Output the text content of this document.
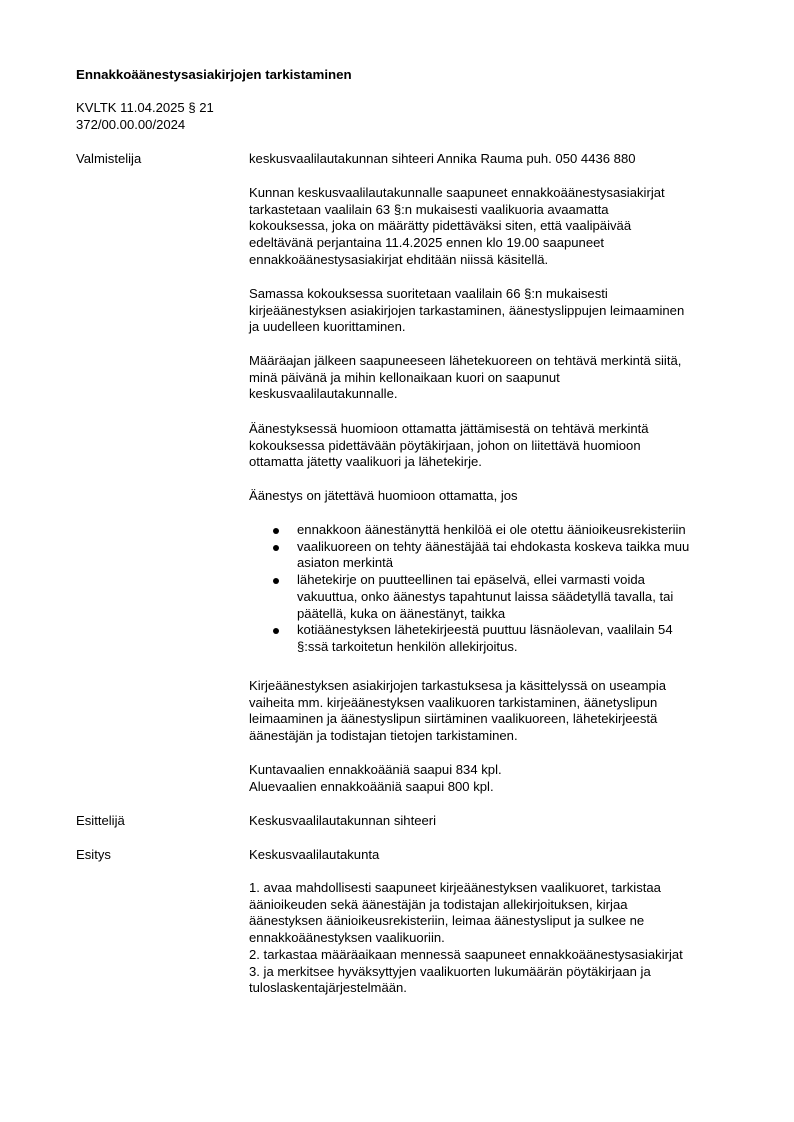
Ennakkoäänestysasiakirjojen tarkistaminen
KVLTK 11.04.2025 § 21
372/00.00.00/2024
Valmistelija	keskusvaalilautakunnan sihteeri Annika Rauma puh. 050 4436 880
Kunnan keskusvaalilautakunnalle saapuneet ennakkoäänestysasiakirjat
tarkastetaan vaalilain 63 §:n mukaisesti vaalikuoria avaamatta
kokouksessa, joka on määrätty pidettäväksi siten, että vaalipäivää
edeltävänä perjantaina 11.4.2025 ennen klo 19.00 saapuneet
ennakkoäänestysasiakirjat ehditään niissä käsitellä.
Samassa kokouksessa suoritetaan vaalilain 66 §:n mukaisesti
kirjeäänestyksen asiakirjojen tarkastaminen, äänestyslippujen leimaaminen
ja uudelleen kuorittaminen.
Määräajan jälkeen saapuneeseen lähetekuoreen on tehtävä merkintä siitä,
minä päivänä ja mihin kellonaikaan kuori on saapunut
keskusvaalilautakunnalle.
Äänestyksessä huomioon ottamatta jättämisestä on tehtävä merkintä
kokouksessa pidettävään pöytäkirjaan, johon on liitettävä huomioon
ottamatta jätetty vaalikuori ja lähetekirje.
Äänestys on jätettävä huomioon ottamatta, jos
ennakkoon äänestänyttä henkilöä ei ole otettu äänioikeusrekisteriin
vaalikuoreen on tehty äänestäjää tai ehdokasta koskeva taikka muu
asiaton merkintä
lähetekirje on puutteellinen tai epäselvä, ellei varmasti voida
vakuuttua, onko äänestys tapahtunut laissa säädetyllä tavalla, tai
päätellä, kuka on äänestänyt, taikka
kotiäänestyksen lähetekirjeestä puuttuu läsnäolevan, vaalilain 54
§:ssä tarkoitetun henkilön allekirjoitus.
Kirjeäänestyksen asiakirjojen tarkastuksesa ja käsittelyssä on useampia
vaiheita mm. kirjeäänestyksen vaalikuoren tarkistaminen, äänetyslipun
leimaaminen ja äänestyslipun siirtäminen vaalikuoreen, lähetekirjeestä
äänestäjän ja todistajan tietojen tarkistaminen.
Kuntavaalien ennakkoääniä saapui 834 kpl.
Aluevaalien ennakkoääniä saapui 800 kpl.
Esittelijä	Keskusvaalilautakunnan sihteeri
Esitys	Keskusvaalilautakunta
1. avaa mahdollisesti saapuneet kirjeäänestyksen vaalikuoret, tarkistaa
äänioikeuden sekä äänestäjän ja todistajan allekirjoituksen, kirjaa
äänestyksen äänioikeusrekisteriin, leimaa äänestysliput ja sulkee ne
ennakkoäänestyksen vaalikuoriin.
2. tarkastaa määräaikaan mennessä saapuneet ennakkoäänestysasiakirjat
3. ja merkitsee hyväksyttyjen vaalikuorten lukumäärän pöytäkirjaan ja
tuloslaskentajärjestelmään.
